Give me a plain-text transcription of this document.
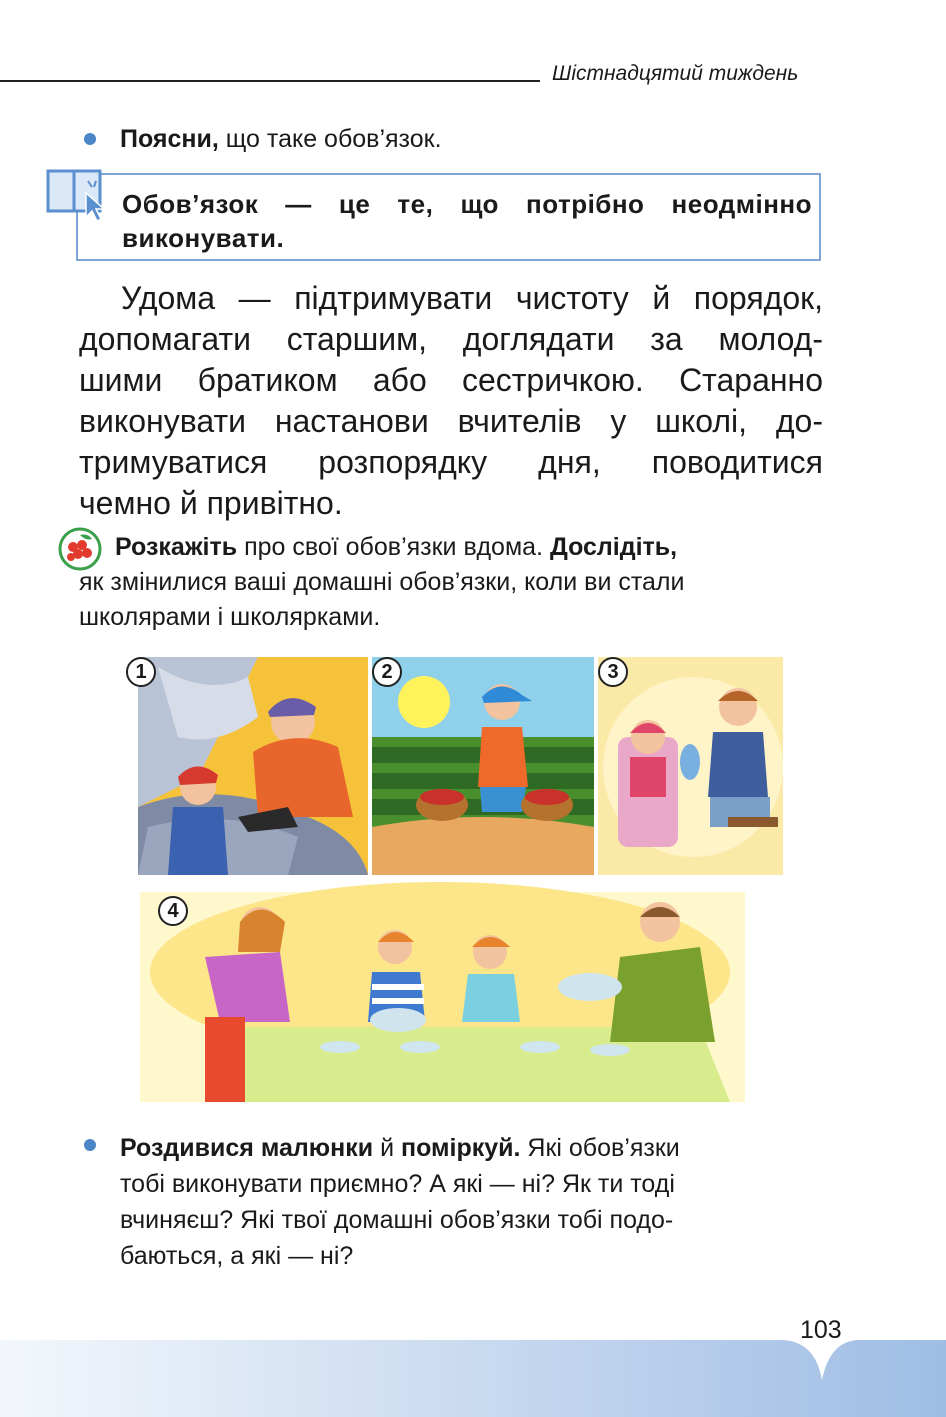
Шістнадцятий тиждень
Поясни, що таке обов’язок.
Обов’язок — це те, що потрібно неодмінно виконувати.
Удома — підтримувати чистоту й порядок,
допомагати старшим, доглядати за молод-
шими братиком або сестричкою. Старанно
виконувати настанови вчителів у школі, до-
тримуватися розпорядку дня, поводитися
чемно й привітно.
Розкажіть про свої обов’язки вдома. Дослідіть,
як змінилися ваші домашні обов’язки, коли ви стали
школярами і школярками.
1	2	3
4
Роздивися малюнки й поміркуй. Які обов’язки
тобі виконувати приємно? А які — ні? Як ти тоді
вчиняєш? Які твої домашні обов’язки тобі подо-
баються, а які — ні?
103
